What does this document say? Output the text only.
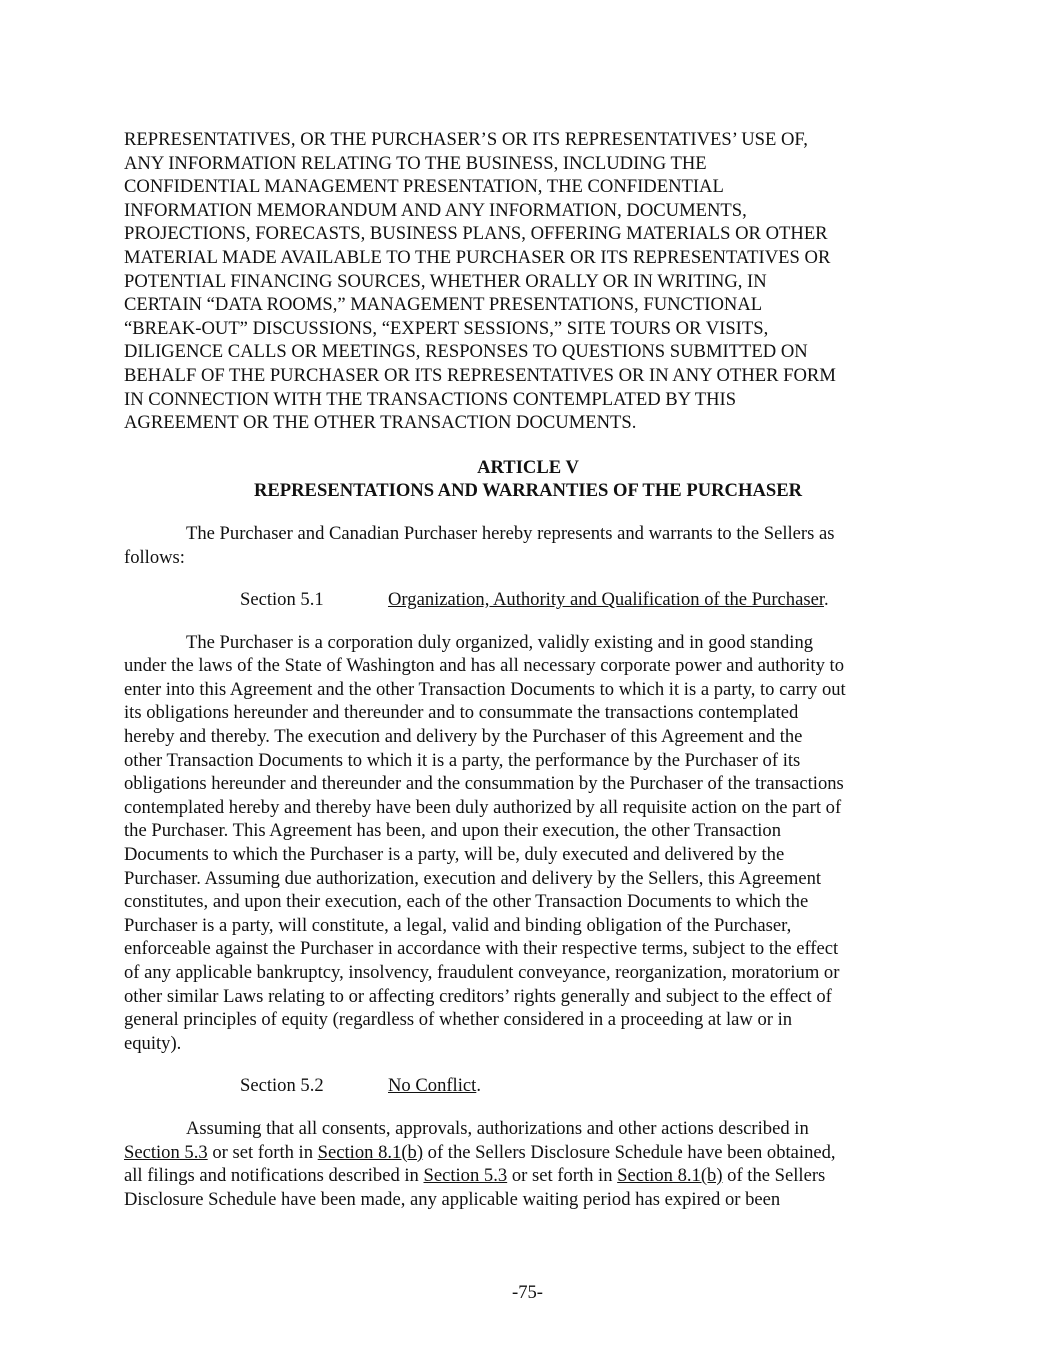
REPRESENTATIVES, OR THE PURCHASER’S OR ITS REPRESENTATIVES’ USE OF,
ANY INFORMATION RELATING TO THE BUSINESS, INCLUDING THE
CONFIDENTIAL MANAGEMENT PRESENTATION, THE CONFIDENTIAL
INFORMATION MEMORANDUM AND ANY INFORMATION, DOCUMENTS,
PROJECTIONS, FORECASTS, BUSINESS PLANS, OFFERING MATERIALS OR OTHER
MATERIAL MADE AVAILABLE TO THE PURCHASER OR ITS REPRESENTATIVES OR
POTENTIAL FINANCING SOURCES, WHETHER ORALLY OR IN WRITING, IN
CERTAIN “DATA ROOMS,” MANAGEMENT PRESENTATIONS, FUNCTIONAL
“BREAK-OUT” DISCUSSIONS, “EXPERT SESSIONS,” SITE TOURS OR VISITS,
DILIGENCE CALLS OR MEETINGS, RESPONSES TO QUESTIONS SUBMITTED ON
BEHALF OF THE PURCHASER OR ITS REPRESENTATIVES OR IN ANY OTHER FORM
IN CONNECTION WITH THE TRANSACTIONS CONTEMPLATED BY THIS
AGREEMENT OR THE OTHER TRANSACTION DOCUMENTS.
ARTICLE V
REPRESENTATIONS AND WARRANTIES OF THE PURCHASER
The Purchaser and Canadian Purchaser hereby represents and warrants to the Sellers as
follows:
Section 5.1	Organization, Authority and Qualification of the Purchaser.
The Purchaser is a corporation duly organized, validly existing and in good standing
under the laws of the State of Washington and has all necessary corporate power and authority to
enter into this Agreement and the other Transaction Documents to which it is a party, to carry out
its obligations hereunder and thereunder and to consummate the transactions contemplated
hereby and thereby. The execution and delivery by the Purchaser of this Agreement and the
other Transaction Documents to which it is a party, the performance by the Purchaser of its
obligations hereunder and thereunder and the consummation by the Purchaser of the transactions
contemplated hereby and thereby have been duly authorized by all requisite action on the part of
the Purchaser. This Agreement has been, and upon their execution, the other Transaction
Documents to which the Purchaser is a party, will be, duly executed and delivered by the
Purchaser. Assuming due authorization, execution and delivery by the Sellers, this Agreement
constitutes, and upon their execution, each of the other Transaction Documents to which the
Purchaser is a party, will constitute, a legal, valid and binding obligation of the Purchaser,
enforceable against the Purchaser in accordance with their respective terms, subject to the effect
of any applicable bankruptcy, insolvency, fraudulent conveyance, reorganization, moratorium or
other similar Laws relating to or affecting creditors’ rights generally and subject to the effect of
general principles of equity (regardless of whether considered in a proceeding at law or in
equity).
Section 5.2	No Conflict.
Assuming that all consents, approvals, authorizations and other actions described in
Section 5.3 or set forth in Section 8.1(b) of the Sellers Disclosure Schedule have been obtained,
all filings and notifications described in Section 5.3 or set forth in Section 8.1(b) of the Sellers
Disclosure Schedule have been made, any applicable waiting period has expired or been
-75-
